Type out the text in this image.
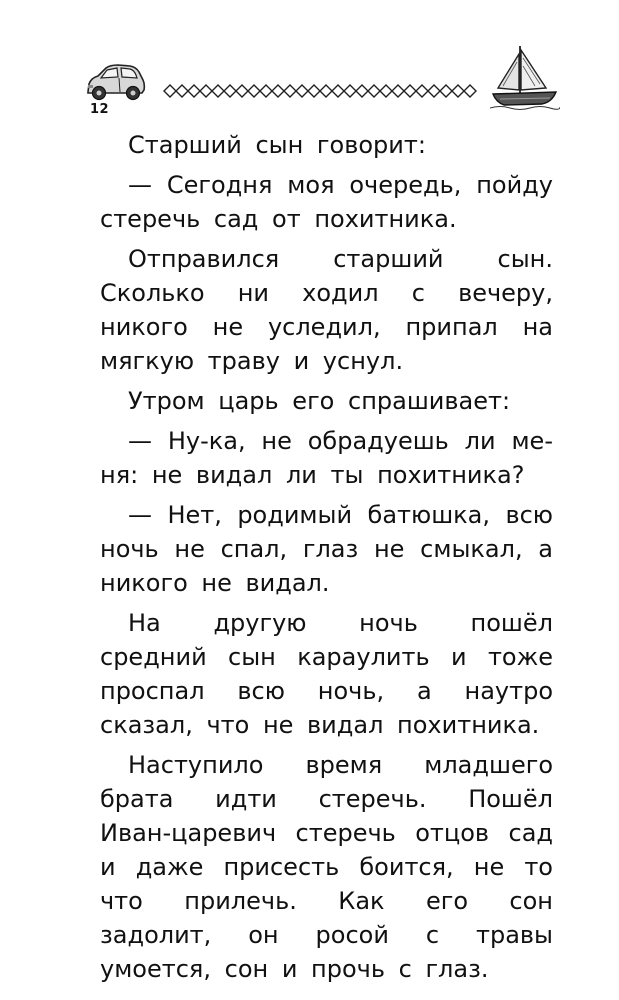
12

Старший сын говорит:

— Сегодня моя очередь, пойду стеречь сад от похитника.

Отправился старший сын. Сколько ни ходил с вечеру, никого не уследил, припал на мягкую траву и уснул.

Утром царь его спрашивает:

— Ну-ка, не обрадуешь ли меня: не видал ли ты похитника?

— Нет, родимый батюшка, всю ночь не спал, глаз не смыкал, а никого не видал.

На другую ночь пошёл средний сын караулить и тоже проспал всю ночь, а наутро сказал, что не видал похитника.

Наступило время младшего брата идти стеречь. Пошёл Иван-царевич стеречь отцов сад и даже присесть боится, не то что прилечь. Как его сон задолит, он росой с травы умоется, сон и прочь с глаз.
